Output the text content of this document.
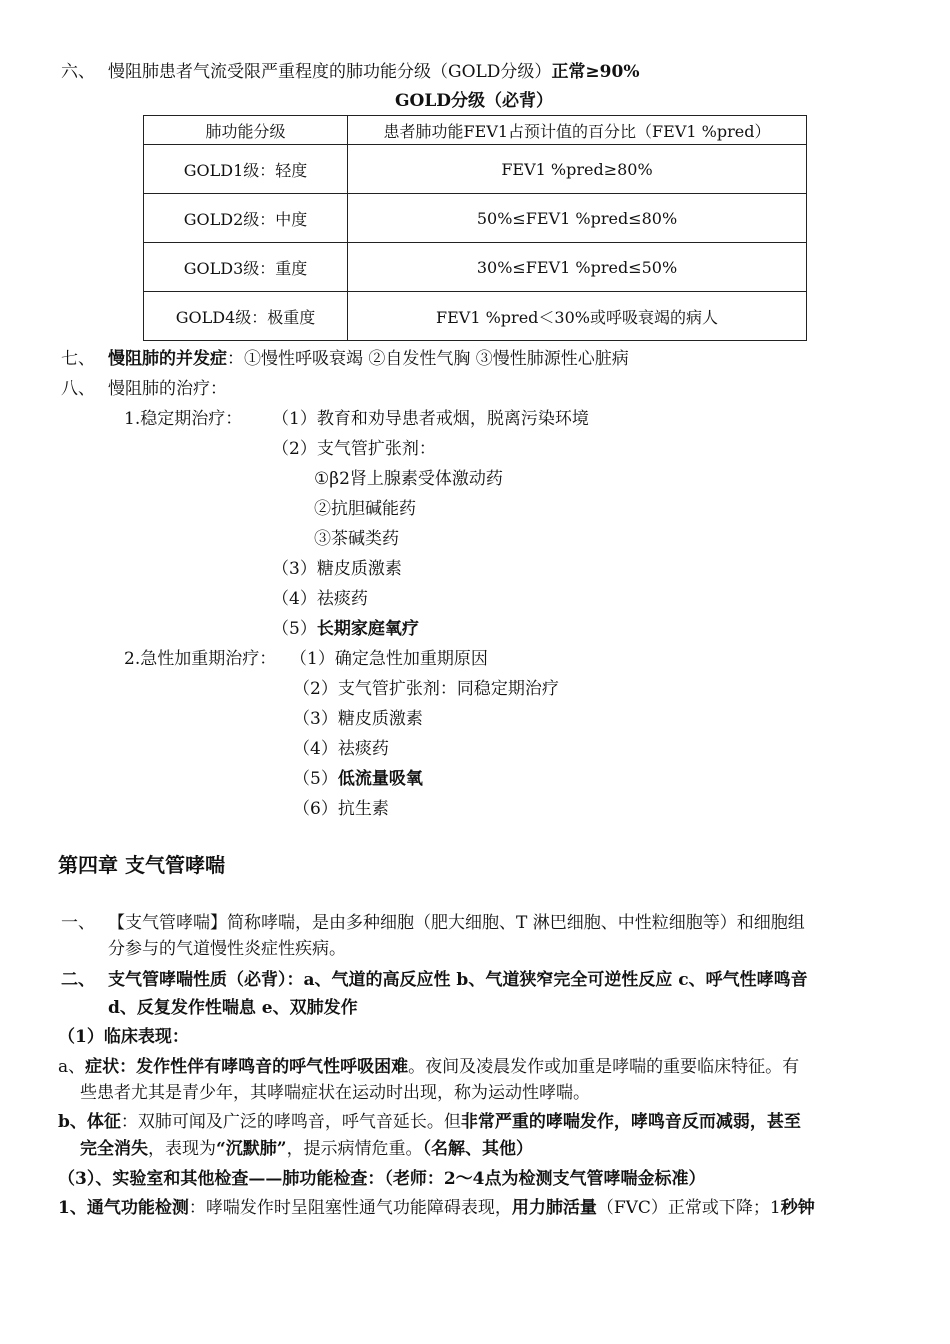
六、 慢阻肺患者气流受限严重程度的肺功能分级（GOLD分级）正常≥90%
GOLD分级（必背）
肺功能分级	患者肺功能FEV1占预计值的百分比（FEV1 %pred）
GOLD1级：轻度	FEV1 %pred≥80%
GOLD2级：中度	50%≤FEV1 %pred≤80%
GOLD3级：重度	30%≤FEV1 %pred≤50%
GOLD4级：极重度	FEV1 %pred＜30%或呼吸衰竭的病人
七、 慢阻肺的并发症：①慢性呼吸衰竭 ②自发性气胸 ③慢性肺源性心脏病
八、 慢阻肺的治疗：
1.稳定期治疗： （1）教育和劝导患者戒烟，脱离污染环境
（2）支气管扩张剂：
①β2肾上腺素受体激动药
②抗胆碱能药
③茶碱类药
（3）糖皮质激素
（4）祛痰药
（5）长期家庭氧疗
2.急性加重期治疗： （1）确定急性加重期原因
（2）支气管扩张剂：同稳定期治疗
（3）糖皮质激素
（4）祛痰药
（5）低流量吸氧
（6）抗生素
第四章 支气管哮喘
一、 【支气管哮喘】简称哮喘，是由多种细胞（肥大细胞、T 淋巴细胞、中性粒细胞等）和细胞组
分参与的气道慢性炎症性疾病。
二、 支气管哮喘性质（必背）：a、气道的高反应性 b、气道狭窄完全可逆性反应 c、呼气性哮鸣音
d、反复发作性喘息 e、双肺发作
（1）临床表现：
a、症状：发作性伴有哮鸣音的呼气性呼吸困难。夜间及凌晨发作或加重是哮喘的重要临床特征。有
些患者尤其是青少年，其哮喘症状在运动时出现，称为运动性哮喘。
b、体征：双肺可闻及广泛的哮鸣音，呼气音延长。但非常严重的哮喘发作，哮鸣音反而减弱，甚至
完全消失，表现为“沉默肺”，提示病情危重。（名解、其他）
（3）、实验室和其他检查——肺功能检查：（老师：2～4点为检测支气管哮喘金标准）
1、通气功能检测：哮喘发作时呈阻塞性通气功能障碍表现，用力肺活量（FVC）正常或下降；1秒钟
